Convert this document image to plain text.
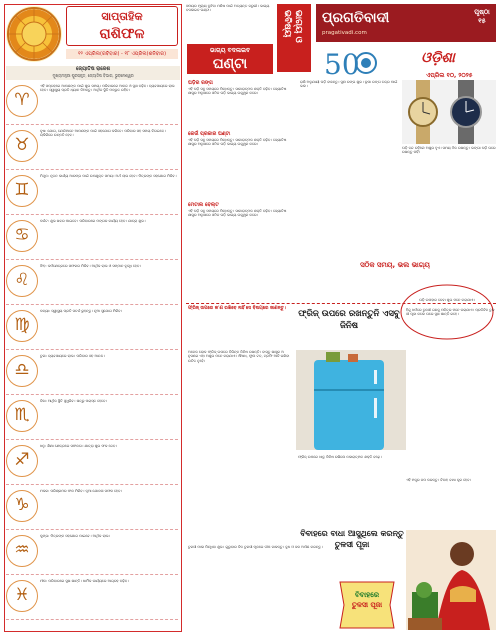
ସାପ୍ତାହିକ
ରାଶିଫଳ
୧୨ ଏପ୍ରିଲ(ରବିବାର) - ୧୮ ଏପ୍ରିଲ(ଶନିବାର)
ଜ୍ୟୋତିଷ ରାଜେଶ
ମୁଖ୍ୟମନ୍ତ୍ରୀ ପୁରସ୍କୃତ, ଜ୍ୟୋତିଷ ବିଭାଗ, ଭୁବନେଶ୍ୱର
♈
ଏହି ସପ୍ତାହରେ ଆପଣଙ୍କ ପାଇଁ ଶୁଭ ସମୟ। ପରିବାରରେ ଆନନ୍ଦ ଓ ସୁଖ ବଢ଼ିବ। ବ୍ୟବସାୟରେ ଲାଭ ହେବ। ସ୍ୱାସ୍ଥ୍ୟ ପ୍ରତି ଧ୍ୟାନ ଦିଅନ୍ତୁ। ଆର୍ଥିକ ସ୍ଥିତି ମଜଭୁତ ରହିବ।
♉
ବୃଷ: ଯୋଗ, ଯେଉଁମାନେ ଆପଣଙ୍କ ପାଇଁ ସହଯୋଗ କରିବେ। ପରିବାର ସହ ସମୟ ବିତାଇବେ। ଚାକିରିରେ ଉନ୍ନତି ହେବ।
♊
ମିଥୁନ: ନୂତନ କାର୍ଯ୍ୟ ଆରମ୍ଭ ପାଇଁ ଉପଯୁକ୍ତ ସମୟ। ଅର୍ଥ ଲାଭ ହେବ। ମିତ୍ରଙ୍କ ସହଯୋଗ ମିଳିବ।
♋
କର୍କଟ: ଶୁଭ ଖବର ପାଇବେ। ପରିବାରରେ ମଙ୍ଗଳ କାର୍ଯ୍ୟ ହେବ। ଯାତ୍ରା ଶୁଭ।
♌
ସିଂହ: କର୍ମକ୍ଷେତ୍ରରେ ସଫଳତା ମିଳିବ। ଆର୍ଥିକ ଲାଭ ଓ ସମ୍ମାନ ବୃଦ୍ଧି ହେବ।
♍
କନ୍ୟା: ସ୍ୱାସ୍ଥ୍ୟ ପ୍ରତି ସତର୍କ ରୁହନ୍ତୁ। ନୂଆ ସୁଯୋଗ ମିଳିବ।
♎
ତୁଳା: ବ୍ୟବସାୟରେ ଲାଭ। ପରିବାର ସହ ଆନନ୍ଦ।
♏
ବିଛା: ଆର୍ଥିକ ସ୍ଥିତି ସୁଧୁରିବ। ଶତ୍ରୁ ପରାସ୍ତ ହେବେ।
♐
ଧନୁ: ଶିକ୍ଷା କ୍ଷେତ୍ରରେ ସଫଳତା। ଯାତ୍ରା ଶୁଭ ଫଳ ଦେବ।
♑
ମକର: ପରିଶ୍ରମର ଫଳ ମିଳିବ। ନୂଆ ଯୋଜନା ସଫଳ ହେବ।
♒
କୁମ୍ଭ: ମିତ୍ରଙ୍କ ସହଯୋଗ ପାଇବେ। ଆର୍ଥିକ ଲାଭ।
♓
ମୀନ: ପରିବାରରେ ସୁଖ ଶାନ୍ତି। ଧାର୍ମିକ କାର୍ଯ୍ୟରେ ଆଗ୍ରହ ବଢ଼ିବ।
ସମୟର ମୂଲ୍ୟ ବୁଝିବା ମଣିଷ ପାଇଁ ଅତ୍ୟନ୍ତ ଜରୁରୀ। ଭାଗ୍ୟ ବଦଳାଇବ ଘଣ୍ଟା।
ଭାଗ୍ୟ ବଦଳାଇବ
ଘଣ୍ଟା
ଭାଗ୍ୟ ଓ ଭବିଷ୍ୟ	ପ୍ରଗତିବାଦୀ
pragativadi.com
ପୃଷ୍ଠା ୧୫
50	ଓଡ଼ିଶା
ଏପ୍ରିଲ ୧୦, ୨୦୨୫
ଘଡ଼ିର ରଙ୍ଗ
ଏହି ଘଡ଼ି ସବୁ ସମୟରେ ପିନ୍ଧନ୍ତୁ। ସାକାରାତ୍ମକ ଶକ୍ତି ବଢ଼ିବ। ଜ୍ୟୋତିଷ ଶାସ୍ତ୍ର ଅନୁସାରେ ସଠିକ ଘଡ଼ି ଭାଗ୍ୟ ଉଜ୍ଜ୍ୱଳ କରେ।
କେଉଁ ପ୍ରକାର ଘଣ୍ଟା
ଏହି ଘଡ଼ି ସବୁ ସମୟରେ ପିନ୍ଧନ୍ତୁ। ସାକାରାତ୍ମକ ଶକ୍ତି ବଢ଼ିବ। ଜ୍ୟୋତିଷ ଶାସ୍ତ୍ର ଅନୁସାରେ ସଠିକ ଘଡ଼ି ଭାଗ୍ୟ ଉଜ୍ଜ୍ୱଳ କରେ।
ମେଟାଲ ବେଲ୍ଟ
ଏହି ଘଡ଼ି ସବୁ ସମୟରେ ପିନ୍ଧନ୍ତୁ। ସାକାରାତ୍ମକ ଶକ୍ତି ବଢ଼ିବ। ଜ୍ୟୋତିଷ ଶାସ୍ତ୍ର ଅନୁସାରେ ସଠିକ ଘଡ଼ି ଭାଗ୍ୟ ଉଜ୍ଜ୍ୱଳ କରେ।
ରାଶି ଅନୁଯାୟୀ ଘଡ଼ି ବାଛନ୍ତୁ। ସୁନା ରଙ୍ଗ ଶୁଭ। ରୂପା ରଙ୍ଗ ଚନ୍ଦ୍ର ପାଇଁ ଭଲ।
ଘଡ଼ି ବନ୍ଦ ରହିଲେ ଅଶୁଭ ହୁଏ। ସମୟ ଠିକ ରଖନ୍ତୁ। ଭଙ୍ଗା ଘଡ଼ି ଘରେ ରଖନ୍ତୁ ନାହିଁ।
ସଠିକ ସମୟ, ଭଲ ଭାଗ୍ୟ
ଘଡ଼ି ଉପହାର ଦେବା ଶୁଭ ମନେ କରାଯାଏ।
ଫ୍ରିଜ୍ ଉପରେ କ'ଣ ରଖିବେ ନାହିଁ ସେ ବିଷୟରେ ଜାଣନ୍ତୁ।
ଫ୍ରିଜ୍ ଉପରେ ରଖନ୍ତୁନି ଏସବୁ ଜିନିଷ
ଅନେକ ଲୋକ ଫ୍ରିଜ୍ ଉପରେ ବିଭିନ୍ନ ଜିନିଷ ରଖନ୍ତି। ବାସ୍ତୁ ଶାସ୍ତ୍ର ଅନୁସାରେ ଏହା ଅଶୁଭ ମନେ କରାଯାଏ। ଔଷଧ, ଫୁଲ ଟବ, ଟ୍ରଫି ଆଦି ରଖିବା ଉଚିତ ନୁହେଁ।
ଫ୍ରିଜ୍ ଉପରେ ଧାତୁ ଜିନିଷ ରଖିଲେ ନକାରାତ୍ମକ ଶକ୍ତି ବଢ଼େ।
ବିବାହରେ ବାଧା ଆସୁଥିଲେ କରନ୍ତୁ ତୁଳସୀ ପୂଜା
ହିନ୍ଦୁ ଧର୍ମରେ ତୁଳସୀ ଗଛକୁ ପବିତ୍ର ମନେ କରାଯାଏ। ପ୍ରତିଦିନ ତୁଳସୀ ପୂଜା କଲେ ଘରେ ସୁଖ ଶାନ୍ତି ରହେ।
ଏହି ମନ୍ତ୍ର ଜପ କରନ୍ତୁ। ବିବାହ ବାଧା ଦୂର ହେବ।
ତୁଳସୀ ମାଳା ପିନ୍ଧିବା ଶୁଭ। ଗୁରୁବାର ଦିନ ତୁଳସୀ ମୂଳରେ ଦୀପ ଜାଳନ୍ତୁ। ଦୁଧ ଓ ଜଳ ଅର୍ପଣ କରନ୍ତୁ।
ବିବାହରେ
ତୁଳସୀ ପୂଜା
